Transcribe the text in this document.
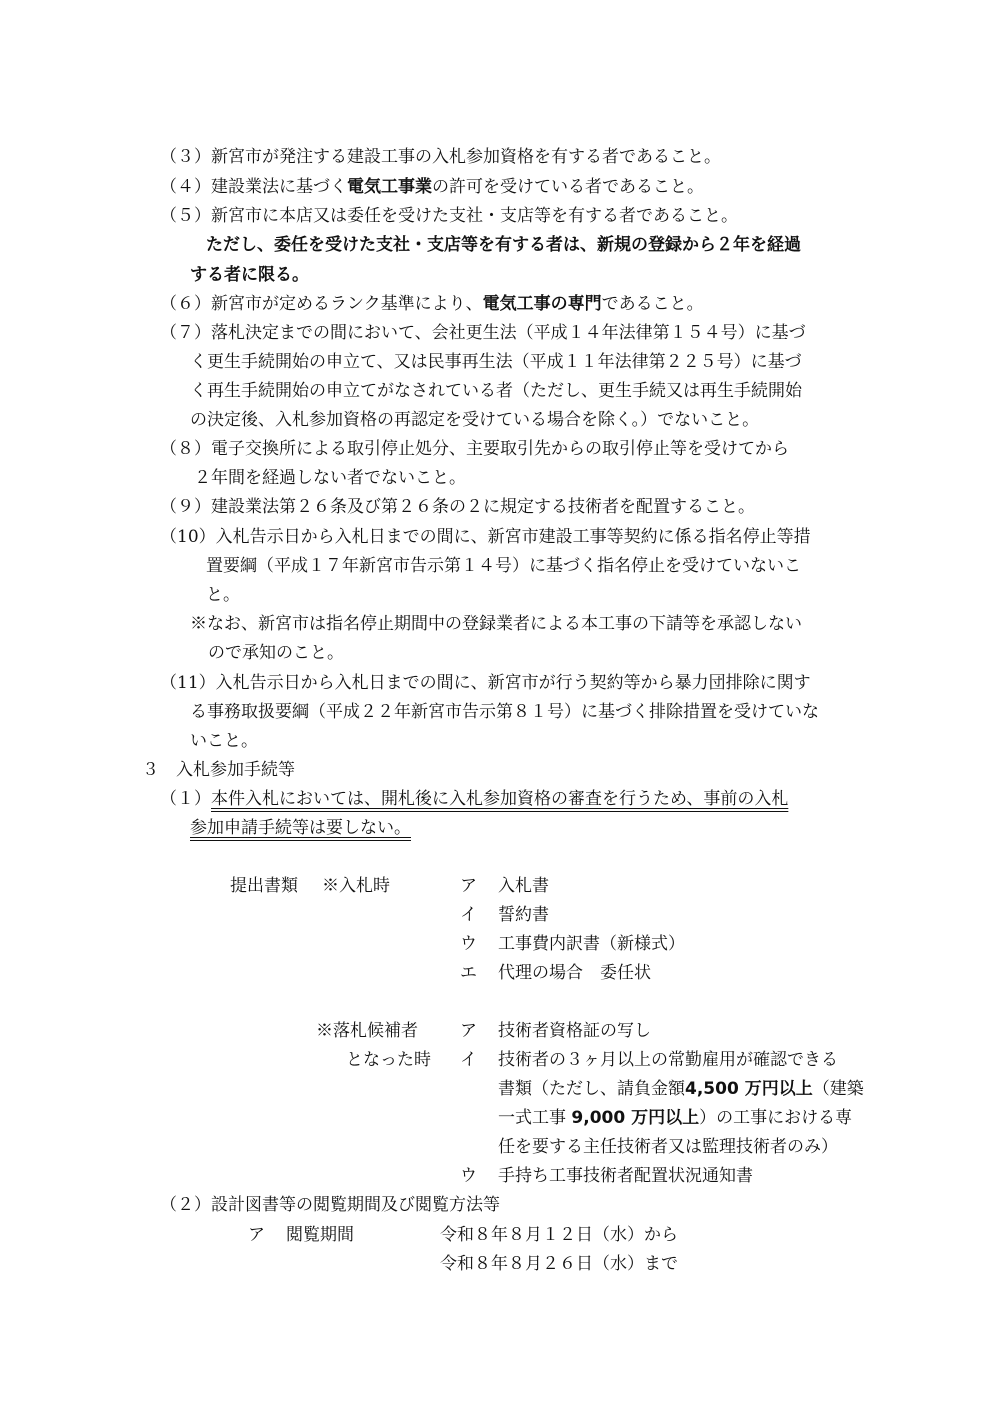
（３）新宮市が発注する建設工事の入札参加資格を有する者であること。
（４）建設業法に基づく電気工事業の許可を受けている者であること。
（５）新宮市に本店又は委任を受けた支社・支店等を有する者であること。
ただし、委任を受けた支社・支店等を有する者は、新規の登録から２年を経過
する者に限る。
（６）新宮市が定めるランク基準により、電気工事の専門であること。
（７）落札決定までの間において、会社更生法（平成１４年法律第１５４号）に基づ
く更生手続開始の申立て、又は民事再生法（平成１１年法律第２２５号）に基づ
く再生手続開始の申立てがなされている者（ただし、更生手続又は再生手続開始
の決定後、入札参加資格の再認定を受けている場合を除く。）でないこと。
（８）電子交換所による取引停止処分、主要取引先からの取引停止等を受けてから
２年間を経過しない者でないこと。
（９）建設業法第２６条及び第２６条の２に規定する技術者を配置すること。
（10）入札告示日から入札日までの間に、新宮市建設工事等契約に係る指名停止等措
置要綱（平成１７年新宮市告示第１４号）に基づく指名停止を受けていないこ
と。
※なお、新宮市は指名停止期間中の登録業者による本工事の下請等を承認しない
ので承知のこと。
（11）入札告示日から入札日までの間に、新宮市が行う契約等から暴力団排除に関す
る事務取扱要綱（平成２２年新宮市告示第８１号）に基づく排除措置を受けていな
いこと。
３　入札参加手続等
（１）本件入札においては、開札後に入札参加資格の審査を行うため、事前の入札
参加申請手続等は要しない。
提出書類 ※入札時	ア 入札書
イ 誓約書
ウ 工事費内訳書（新様式）
エ 代理の場合　委任状
※落札候補者
となった時
ア 技術者資格証の写し
イ 技術者の３ヶ月以上の常勤雇用が確認できる
書類（ただし、請負金額4,500 万円以上（建築
一式工事 9,000 万円以上）の工事における専
任を要する主任技術者又は監理技術者のみ）
ウ 手持ち工事技術者配置状況通知書
（２）設計図書等の閲覧期間及び閲覧方法等
ア 閲覧期間	令和８年８月１２日（水）から
令和８年８月２６日（水）まで
